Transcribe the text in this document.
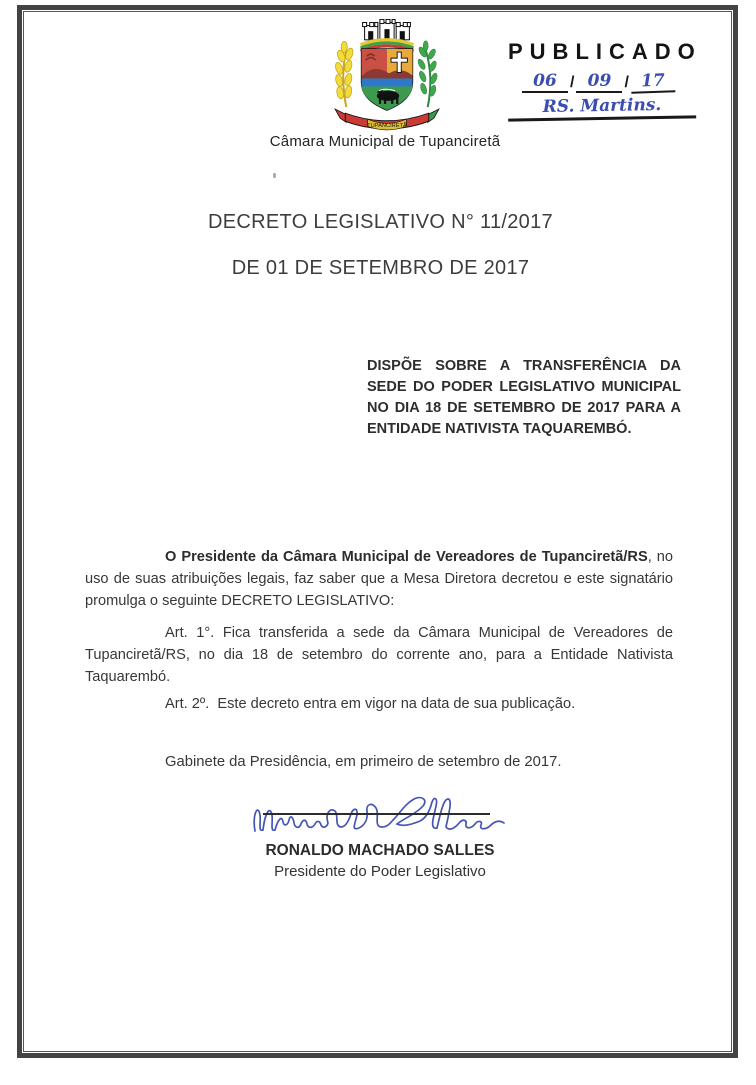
TUPANCIRETÃ
Câmara Municipal de Tupanciretã
PUBLICADO
06 / 09 / 17
RS. Martins.
DECRETO LEGISLATIVO N° 11/2017
DE 01 DE SETEMBRO DE 2017
DISPÕE SOBRE A TRANSFERÊNCIA DA SEDE DO PODER LEGISLATIVO MUNICIPAL NO DIA 18 DE SETEMBRO DE 2017 PARA A ENTIDADE NATIVISTA TAQUAREMBÓ.

O Presidente da Câmara Municipal de Vereadores de Tupanciretã/RS, no uso de suas atribuições legais, faz saber que a Mesa Diretora decretou e este signatário promulga o seguinte DECRETO LEGISLATIVO:

Art. 1°. Fica transferida a sede da Câmara Municipal de Vereadores de Tupanciretã/RS, no dia 18 de setembro do corrente ano, para a Entidade Nativista Taquarembó.

Art. 2º.  Este decreto entra em vigor na data de sua publicação.

Gabinete da Presidência, em primeiro de setembro de 2017.
RONALDO MACHADO SALLES
Presidente do Poder Legislativo
